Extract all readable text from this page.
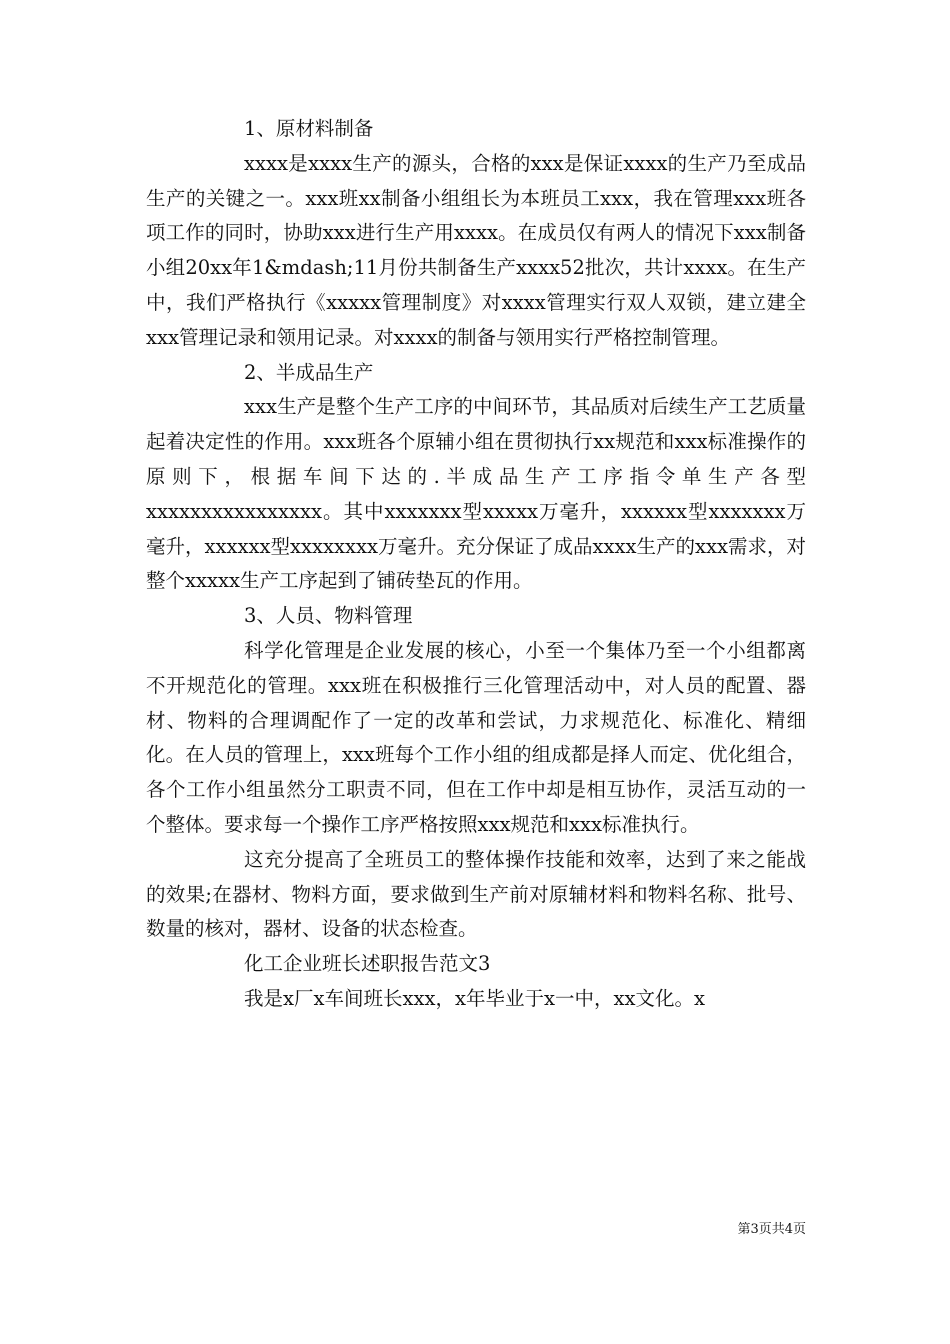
1、原材料制备

xxxx是xxxx生产的源头，合格的xxx是保证xxxx的生产乃至成品生产的关键之一。xxx班xx制备小组组长为本班员工xxx，我在管理xxx班各项工作的同时，协助xxx进行生产用xxxx。在成员仅有两人的情况下xxx制备小组20xx年1&mdash;11月份共制备生产xxxx52批次，共计xxxx。在生产中，我们严格执行《xxxxx管理制度》对xxxx管理实行双人双锁，建立建全xxx管理记录和领用记录。对xxxx的制备与领用实行严格控制管理。

2、半成品生产

xxx生产是整个生产工序的中间环节，其品质对后续生产工艺质量起着决定性的作用。xxx班各个原辅小组在贯彻执行xx规范和xxx标准操作的原则下，根据车间下达的.半成品生产工序指令单生产各型xxxxxxxxxxxxxxxx。其中xxxxxxx型xxxxx万毫升，xxxxxx型xxxxxxx万毫升，xxxxxx型xxxxxxxx万毫升。充分保证了成品xxxx生产的xxx需求，对整个xxxxx生产工序起到了铺砖垫瓦的作用。

3、人员、物料管理

科学化管理是企业发展的核心，小至一个集体乃至一个小组都离不开规范化的管理。xxx班在积极推行三化管理活动中，对人员的配置、器材、物料的合理调配作了一定的改革和尝试，力求规范化、标准化、精细化。在人员的管理上，xxx班每个工作小组的组成都是择人而定、优化组合，各个工作小组虽然分工职责不同，但在工作中却是相互协作，灵活互动的一个整体。要求每一个操作工序严格按照xxx规范和xxx标准执行。

这充分提高了全班员工的整体操作技能和效率，达到了来之能战的效果;在器材、物料方面，要求做到生产前对原辅材料和物料名称、批号、数量的核对，器材、设备的状态检查。

化工企业班长述职报告范文3

我是x厂x车间班长xxx，x年毕业于x一中，xx文化。x

第3页共4页
